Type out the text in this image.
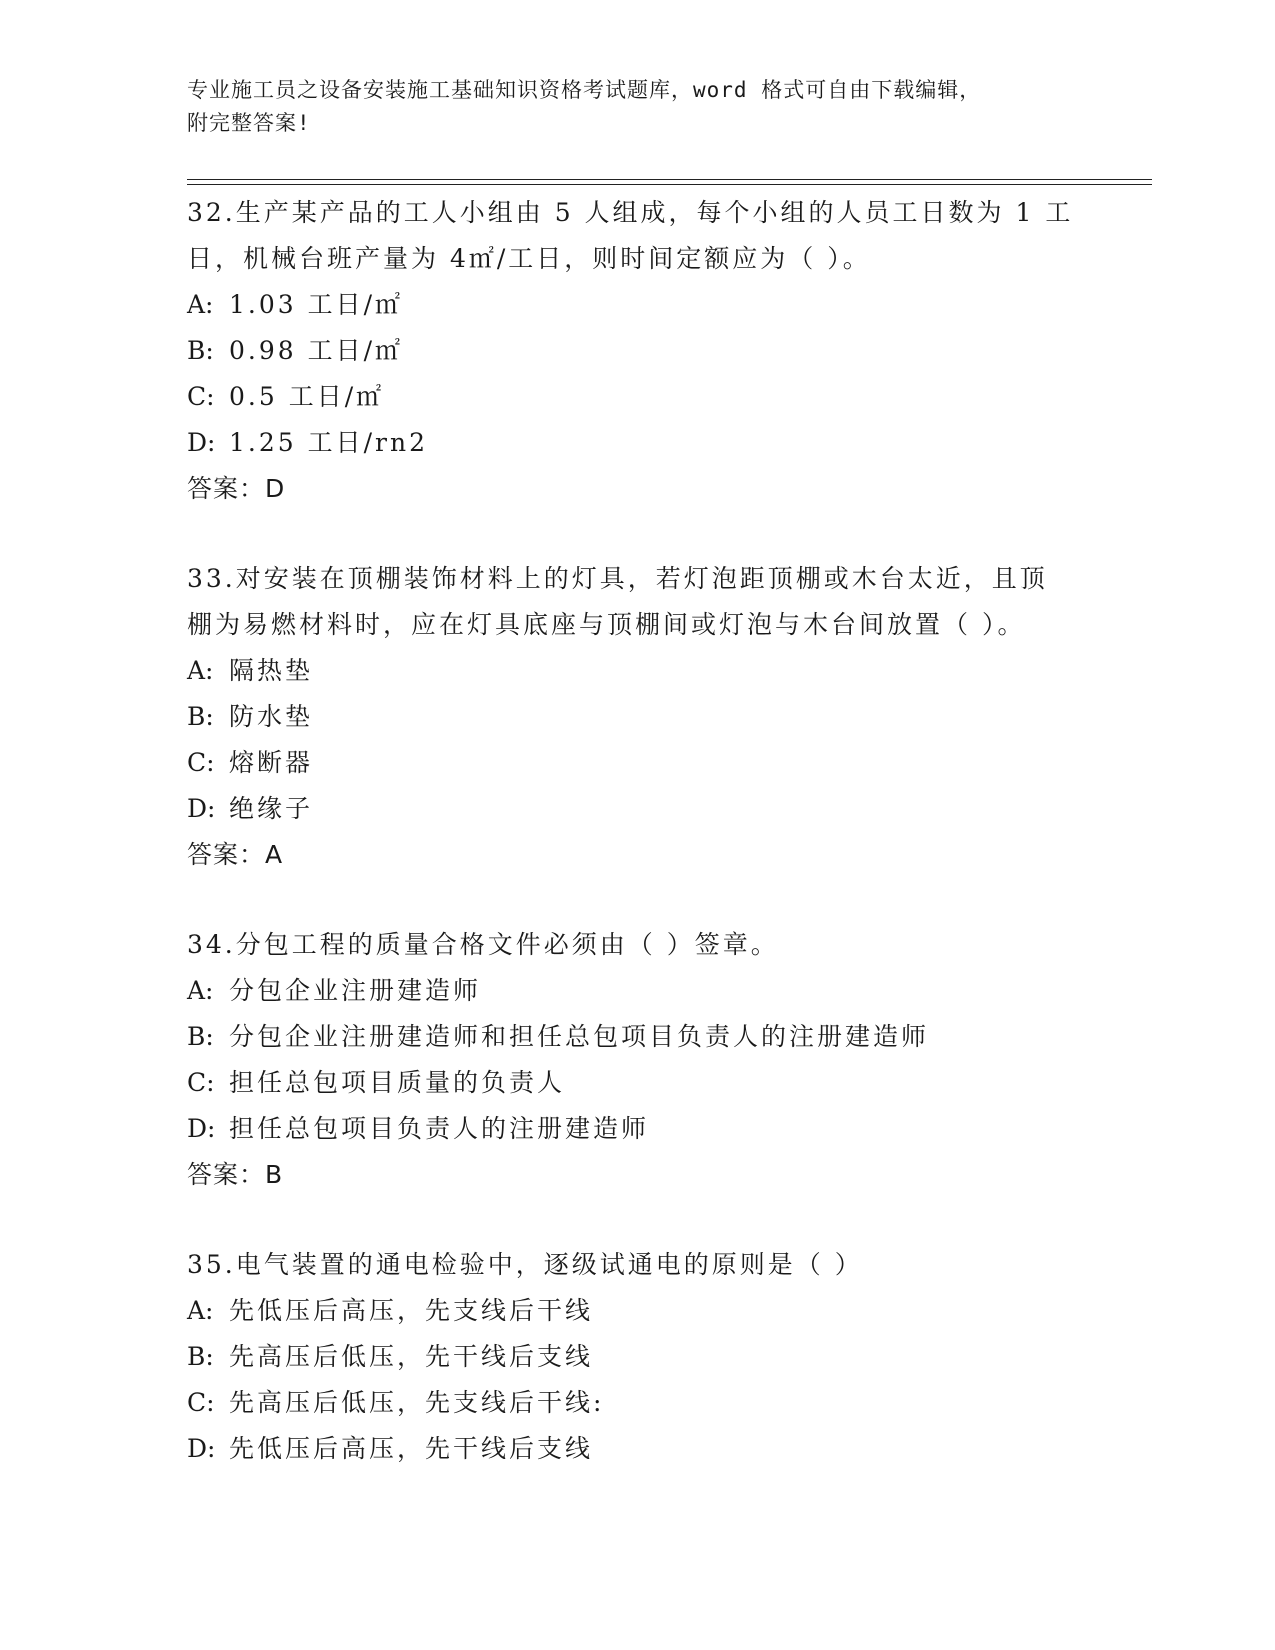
专业施工员之设备安装施工基础知识资格考试题库，word 格式可自由下载编辑，
附完整答案!

32.生产某产品的工人小组由 5 人组成，每个小组的人员工日数为 1 工

日，机械台班产量为 4㎡/工日，则时间定额应为（ ）。

A: 1.03 工日/㎡

B: 0.98 工日/㎡

C: 0.5 工日/㎡

D: 1.25 工日/rn2

答案：D

33.对安装在顶棚装饰材料上的灯具，若灯泡距顶棚或木台太近，且顶

棚为易燃材料时，应在灯具底座与顶棚间或灯泡与木台间放置（ ）。

A: 隔热垫

B: 防水垫

C: 熔断器

D: 绝缘子

答案：A

34.分包工程的质量合格文件必须由（ ）签章。

A: 分包企业注册建造师

B: 分包企业注册建造师和担任总包项目负责人的注册建造师

C: 担任总包项目质量的负责人

D: 担任总包项目负责人的注册建造师

答案：B

35.电气装置的通电检验中，逐级试通电的原则是（ ）

A: 先低压后高压，先支线后干线

B: 先高压后低压，先干线后支线

C: 先高压后低压，先支线后干线:

D: 先低压后高压，先干线后支线
